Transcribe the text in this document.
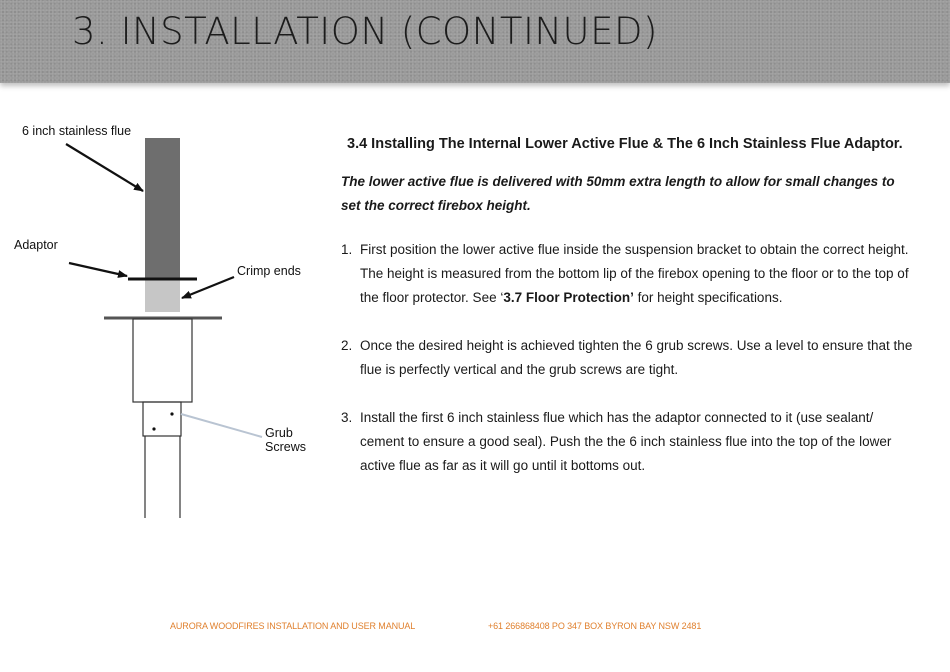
3. INSTALLATION (CONTINUED)
6 inch stainless flue
Adaptor
Crimp ends
Grub
Screws
3.4 Installing The Internal Lower Active Flue & The 6 Inch Stainless Flue Adaptor.
The lower active flue is delivered with 50mm extra length to allow for small changes to set the correct firebox height.
1. First position the lower active flue inside the suspension bracket to obtain the correct height. The height is measured from the bottom lip of the firebox opening to the floor or to the top of the floor protector. See ‘3.7 Floor Protection’ for height specifications.
2. Once the desired height is achieved tighten the 6 grub screws. Use a level to ensure that the flue is perfectly vertical and the grub screws are tight.
3. Install the first 6 inch stainless flue which has the adaptor connected to it (use sealant/ cement to ensure a good seal). Push the the 6 inch stainless flue into the top of the lower active flue as far as it will go until it bottoms out.
AURORA WOODFIRES INSTALLATION AND USER MANUAL	+61 266868408 PO 347 BOX BYRON BAY NSW 2481
